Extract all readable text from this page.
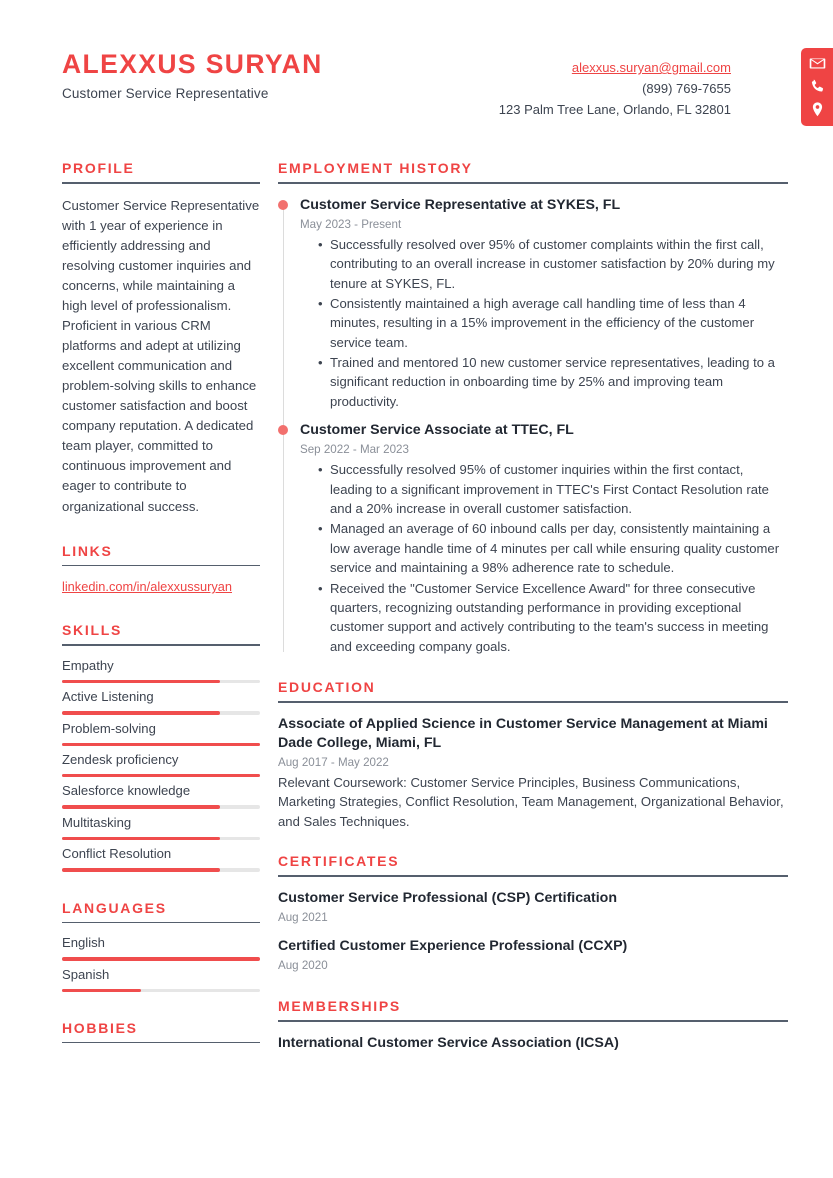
ALEXXUS SURYAN
Customer Service Representative
alexxus.suryan@gmail.com
(899) 769-7655
123 Palm Tree Lane, Orlando, FL 32801
PROFILE
Customer Service Representative with 1 year of experience in efficiently addressing and resolving customer inquiries and concerns, while maintaining a high level of professionalism. Proficient in various CRM platforms and adept at utilizing excellent communication and problem-solving skills to enhance customer satisfaction and boost company reputation. A dedicated team player, committed to continuous improvement and eager to contribute to organizational success.
LINKS
linkedin.com/in/alexxussuryan
SKILLS
Empathy
Active Listening
Problem-solving
Zendesk proficiency
Salesforce knowledge
Multitasking
Conflict Resolution
LANGUAGES
English
Spanish
HOBBIES
EMPLOYMENT HISTORY
Customer Service Representative at SYKES, FL
May 2023 - Present
• Successfully resolved over 95% of customer complaints within the first call, contributing to an overall increase in customer satisfaction by 20% during my tenure at SYKES, FL.
• Consistently maintained a high average call handling time of less than 4 minutes, resulting in a 15% improvement in the efficiency of the customer service team.
• Trained and mentored 10 new customer service representatives, leading to a significant reduction in onboarding time by 25% and improving team productivity.
Customer Service Associate at TTEC, FL
Sep 2022 - Mar 2023
• Successfully resolved 95% of customer inquiries within the first contact, leading to a significant improvement in TTEC's First Contact Resolution rate and a 20% increase in overall customer satisfaction.
• Managed an average of 60 inbound calls per day, consistently maintaining a low average handle time of 4 minutes per call while ensuring quality customer service and maintaining a 98% adherence rate to schedule.
• Received the "Customer Service Excellence Award" for three consecutive quarters, recognizing outstanding performance in providing exceptional customer support and actively contributing to the team's success in meeting and exceeding company goals.
EDUCATION
Associate of Applied Science in Customer Service Management at Miami Dade College, Miami, FL
Aug 2017 - May 2022
Relevant Coursework: Customer Service Principles, Business Communications, Marketing Strategies, Conflict Resolution, Team Management, Organizational Behavior, and Sales Techniques.
CERTIFICATES
Customer Service Professional (CSP) Certification
Aug 2021
Certified Customer Experience Professional (CCXP)
Aug 2020
MEMBERSHIPS
International Customer Service Association (ICSA)
